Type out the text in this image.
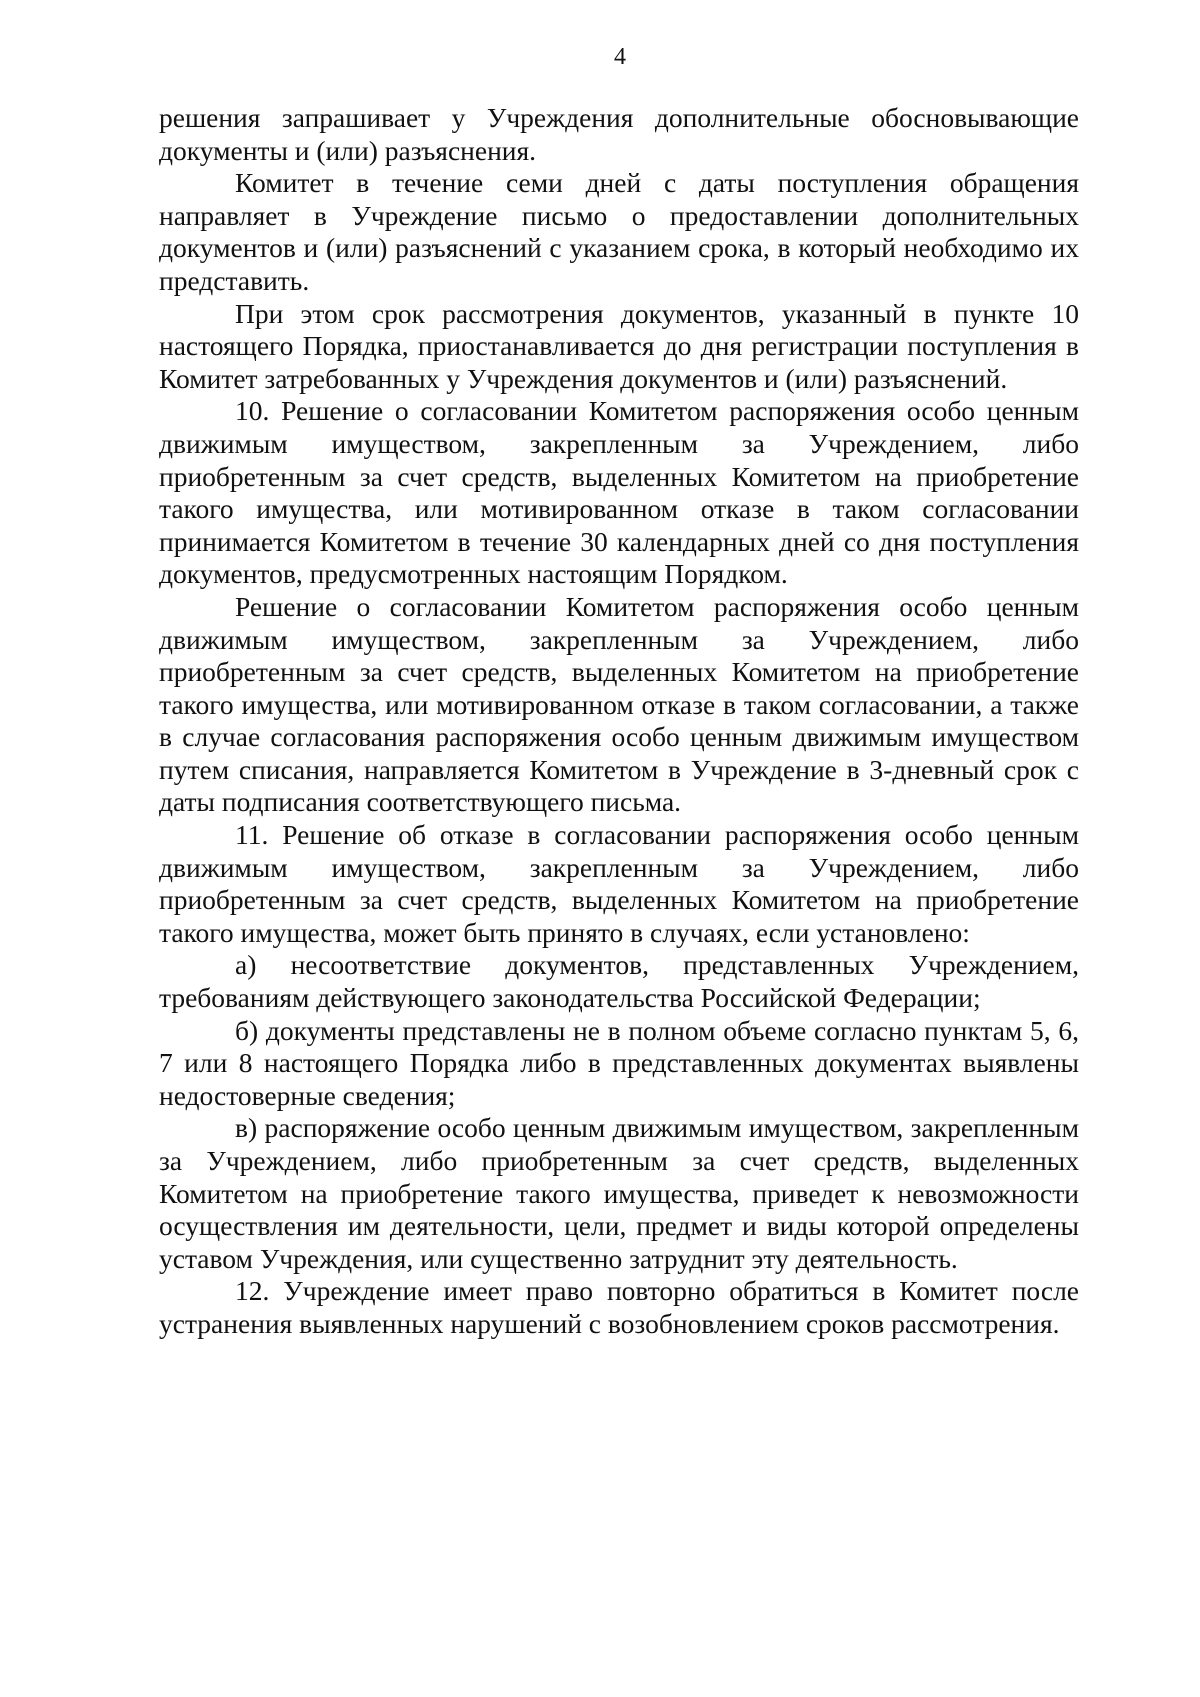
4

решения запрашивает у Учреждения дополнительные обосновывающие документы и (или) разъяснения.

Комитет в течение семи дней с даты поступления обращения направляет в Учреждение письмо о предоставлении дополнительных документов и (или) разъяснений с указанием срока, в который необходимо их представить.

При этом срок рассмотрения документов, указанный в пункте 10 настоящего Порядка, приостанавливается до дня регистрации поступления в Комитет затребованных у Учреждения документов и (или) разъяснений.

10. Решение о согласовании Комитетом распоряжения особо ценным движимым имуществом, закрепленным за Учреждением, либо приобретенным за счет средств, выделенных Комитетом на приобретение такого имущества, или мотивированном отказе в таком согласовании принимается Комитетом в течение 30 календарных дней со дня поступления документов, предусмотренных настоящим Порядком.

Решение о согласовании Комитетом распоряжения особо ценным движимым имуществом, закрепленным за Учреждением, либо приобретенным за счет средств, выделенных Комитетом на приобретение такого имущества, или мотивированном отказе в таком согласовании, а также в случае согласования распоряжения особо ценным движимым имуществом путем списания, направляется Комитетом в Учреждение в 3-дневный срок с даты подписания соответствующего письма.

11. Решение об отказе в согласовании распоряжения особо ценным движимым имуществом, закрепленным за Учреждением, либо приобретенным за счет средств, выделенных Комитетом на приобретение такого имущества, может быть принято в случаях, если установлено:

а) несоответствие документов, представленных Учреждением, требованиям действующего законодательства Российской Федерации;

б) документы представлены не в полном объеме согласно пунктам 5, 6, 7 или 8 настоящего Порядка либо в представленных документах выявлены недостоверные сведения;

в) распоряжение особо ценным движимым имуществом, закрепленным за Учреждением, либо приобретенным за счет средств, выделенных Комитетом на приобретение такого имущества, приведет к невозможности осуществления им деятельности, цели, предмет и виды которой определены уставом Учреждения, или существенно затруднит эту деятельность.

12. Учреждение имеет право повторно обратиться в Комитет после устранения выявленных нарушений с возобновлением сроков рассмотрения.
